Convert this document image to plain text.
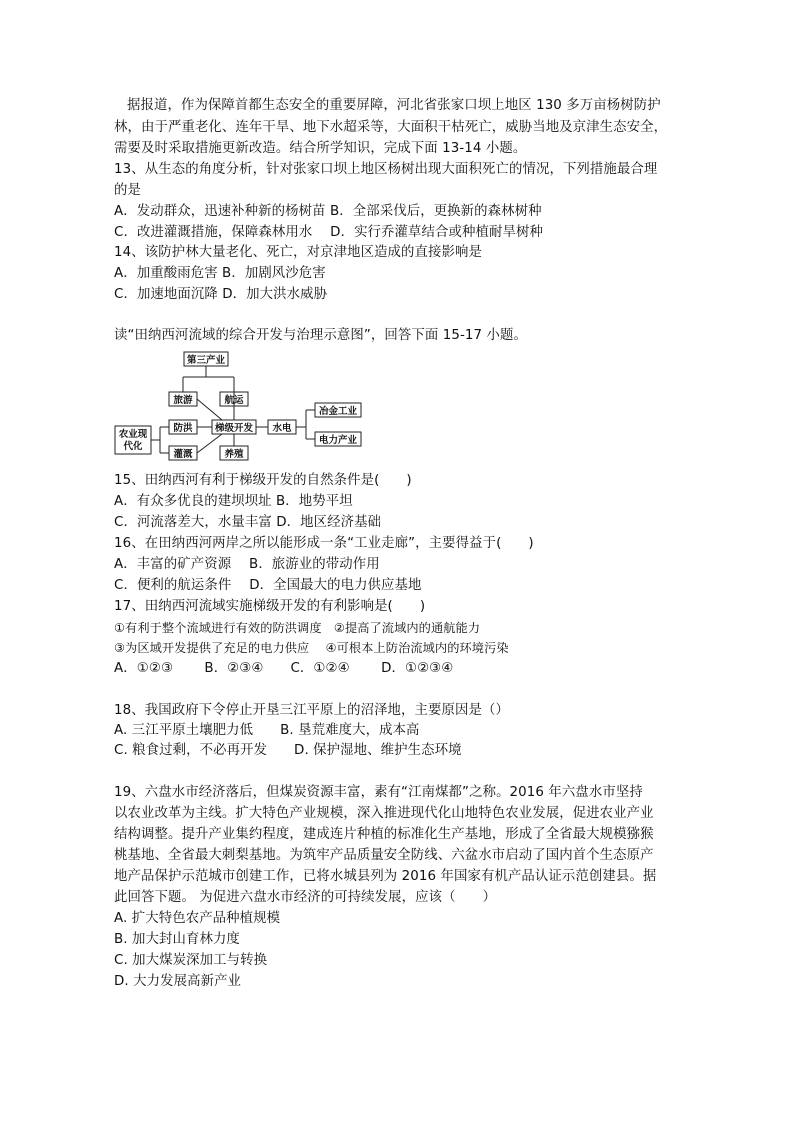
据报道，作为保障首都生态安全的重要屏障，河北省张家口坝上地区 130 多万亩杨树防护
林，由于严重老化、连年干旱、地下水超采等，大面积干枯死亡，威胁当地及京津生态安全，
需要及时采取措施更新改造。结合所学知识，完成下面 13-14 小题。
13、从生态的角度分析，针对张家口坝上地区杨树出现大面积死亡的情况，下列措施最合理
的是
A．发动群众，迅速补种新的杨树苗 B．全部采伐后，更换新的森林树种
C．改进灌溉措施，保障森林用水　 D．实行乔灌草结合或种植耐旱树种
14、该防护林大量老化、死亡，对京津地区造成的直接影响是
A．加重酸雨危害 B．加剧风沙危害
C．加速地面沉降 D．加大洪水威胁
读“田纳西河流域的综合开发与治理示意图”，回答下面 15-17 小题。
第三产业
旅游	航运
防洪 梯级开发 水电
灌溉	养殖
农业现
代化
冶金工业
电力产业
15、田纳西河有利于梯级开发的自然条件是(　　)
A．有众多优良的建坝坝址 B．地势平坦
C．河流落差大，水量丰富 D．地区经济基础
16、在田纳西河两岸之所以能形成一条“工业走廊”，主要得益于(　　)
A．丰富的矿产资源　 B．旅游业的带动作用
C．便利的航运条件　 D．全国最大的电力供应基地
17、田纳西河流域实施梯级开发的有利影响是(　　)
①有利于整个流域进行有效的防洪调度　②提高了流域内的通航能力
③为区域开发提供了充足的电力供应　 ④可根本上防治流域内的环境污染
A．①②③　　 B．②③④　　C．①②④　　 D．①②③④
18、我国政府下令停止开垦三江平原上的沼泽地，主要原因是（）
A. 三江平原土壤肥力低　　B. 垦荒难度大，成本高
C. 粮食过剩，不必再开发　　D. 保护湿地、维护生态环境
19、六盘水市经济落后，但煤炭资源丰富，素有“江南煤都”之称。2016 年六盘水市坚持
以农业改革为主线。扩大特色产业规模，深入推进现代化山地特色农业发展，促进农业产业
结构调整。提升产业集约程度，建成连片种植的标准化生产基地，形成了全省最大规模猕猴
桃基地、全省最大刺梨基地。为筑牢产品质量安全防线、六盆水市启动了国内首个生态原产
地产品保护示范城市创建工作，已将水城县列为 2016 年国家有机产品认证示范创建县。据
此回答下题。 为促进六盘水市经济的可持续发展，应该（　　）
A. 扩大特色农产品种植规模
B. 加大封山育林力度
C. 加大煤炭深加工与转换
D. 大力发展高新产业
